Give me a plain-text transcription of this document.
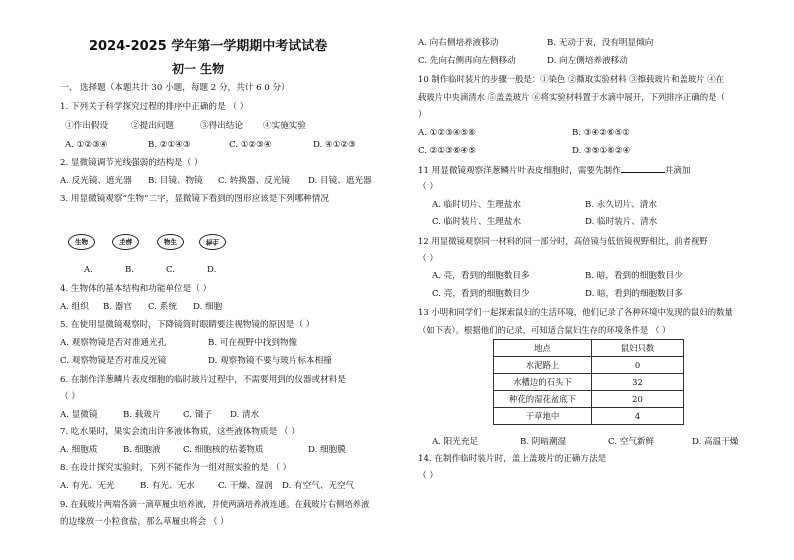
2024-2025 学年第一学期期中考试试卷
初一 生物
一、 选择题（本题共计 30 小题，每题 2 分，共计 6 0 分）
1. 下列关于科学探究过程的排序中正确的是 （ ）
①作出假设	②提出问题	③得出结论 ④实施实验
A. ①②③④	B. ②①④③	C. ①②③④	D. ④①②③
2. 显微镜调节光线强弱的结构是（ ）
A. 反光镜、遮光器 B. 目镜、物镜 C. 转换器、反光镜 D. 目镜、遮光器
3. 用显微镜观察“生物”二字，显微镜下看到的图形应该是下列哪种情况
生物	物生	物生	物生
A.	B.	C.	D.
4. 生物体的基本结构和功能单位是（ ）
A. 组织 B. 器官 C. 系统 D. 细胞
5. 在使用显微镜观察时，下降镜筒时眼睛要注视物镜的原因是（ ）
A. 观察物镜是否对准通光孔	B. 可在视野中找到物像
C. 观察物镜是否对准反光镜	D. 观察物镜不要与玻片标本相撞
6. 在制作洋葱鳞片表皮细胞的临时玻片过程中，不需要用到的仪器或材料是
（ ）
A. 显微镜	B. 载玻片	C. 镊子 D. 清水
7. 吃水果时，果实会流出许多液体物质，这些液体物质是 （ ）
A. 细胞质	B. 细胞液	C. 细胞核的枯萎物质	D. 细胞膜
8. 在设计探究实验时，下列不能作为一组对照实验的是 （ ）
A. 有光、无光	B. 有光、无水	C. 干燥、湿润 D. 有空气、无空气
9. 在载玻片两端各滴一滴草履虫培养液，并使两滴培养液连通。在载玻片右侧培养液
的边缘放一小粒食盐，那么草履虫将会 （ ）
A. 向右侧培养液移动	B. 无动于衷，没有明显倾向
C. 先向右侧再向左侧移动	D. 向左侧培养液移动
10 制作临时装片的步骤一般是：①染色 ②撕取实验材料 ③擦载玻片和盖玻片 ④在
载玻片中央滴清水 ⑤盖盖玻片 ⑥将实验材料置于水滴中展开，下列排序正确的是（
）
A. ①②③④⑤⑥	B. ③④②⑥⑤①
C. ②①③⑥④⑤	D. ③⑤①⑥②④
11 用显微镜观察洋葱鳞片叶表皮细胞时，需要先制作	并滴加
（ ）
A. 临时切片、生理盐水	B. 永久切片、清水
C. 临时装片、生理盐水	D. 临时装片、清水
12 用显微镜观察同一材料的同一部分时，高倍镜与低倍镜视野相比，前者视野
（ ）
A. 亮，看到的细胞数目多	B. 暗，看到的细胞数目少
C. 亮，看到的细胞数目少	D. 暗，看到的细胞数目多
13 小明和同学们一起探索鼠妇的生活环境，他们记录了各种环境中发现的鼠妇的数量
（如下表）。根据他们的记录，可知适合鼠妇生存的环境条件是 （ ）
地点	鼠妇只数
水泥路上	0
水槽边的石头下	32
种花的湿花盆底下	20
干草地中	4
A. 阳光充足	B. 阴暗潮湿	C. 空气新鲜	D. 高温干燥
14. 在制作临时装片时，盖上盖玻片的正确方法是
（ ）
